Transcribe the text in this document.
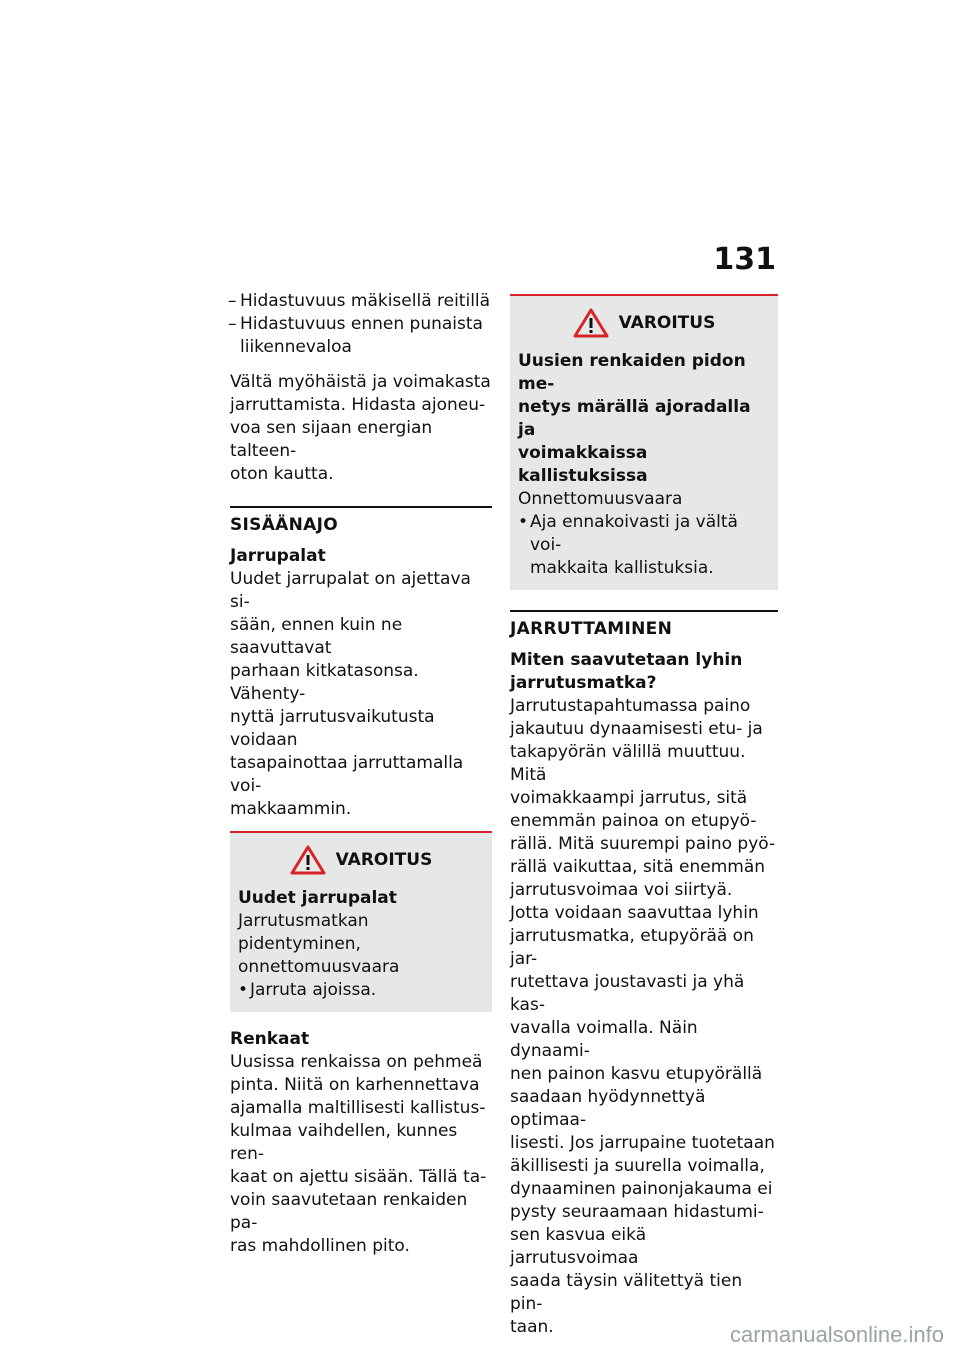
131
– Hidastuvuus mäkisellä reitillä
– Hidastuvuus ennen punaista
liikennevaloa
Vältä myöhäistä ja voimakasta
jarruttamista. Hidasta ajoneu-
voa sen sijaan energian talteen-
oton kautta.
SISÄÄNAJO
Jarrupalat
Uudet jarrupalat on ajettava si-
sään, ennen kuin ne saavuttavat
parhaan kitkatasonsa. Vähenty-
nyttä jarrutusvaikutusta voidaan
tasapainottaa jarruttamalla voi-
makkaammin.
VAROITUS
Uudet jarrupalat
Jarrutusmatkan pidentyminen,
onnettomuusvaara
• Jarruta ajoissa.
Renkaat
Uusissa renkaissa on pehmeä
pinta. Niitä on karhennettava
ajamalla maltillisesti kallistus-
kulmaa vaihdellen, kunnes ren-
kaat on ajettu sisään. Tällä ta-
voin saavutetaan renkaiden pa-
ras mahdollinen pito.
VAROITUS
Uusien renkaiden pidon me-
netys märällä ajoradalla ja
voimakkaissa kallistuksissa
Onnettomuusvaara
• Aja ennakoivasti ja vältä voi-
makkaita kallistuksia.
JARRUTTAMINEN
Miten saavutetaan lyhin
jarrutusmatka?
Jarrutustapahtumassa paino
jakautuu dynaamisesti etu- ja
takapyörän välillä muuttuu. Mitä
voimakkaampi jarrutus, sitä
enemmän painoa on etupyö-
rällä. Mitä suurempi paino pyö-
rällä vaikuttaa, sitä enemmän
jarrutusvoimaa voi siirtyä.
Jotta voidaan saavuttaa lyhin
jarrutusmatka, etupyörää on jar-
rutettava joustavasti ja yhä kas-
vavalla voimalla. Näin dynaami-
nen painon kasvu etupyörällä
saadaan hyödynnettyä optimaa-
lisesti. Jos jarrupaine tuotetaan
äkillisesti ja suurella voimalla,
dynaaminen painonjakauma ei
pysty seuraamaan hidastumi-
sen kasvua eikä jarrutusvoimaa
saada täysin välitettyä tien pin-
taan.	carmanualsonline.info
